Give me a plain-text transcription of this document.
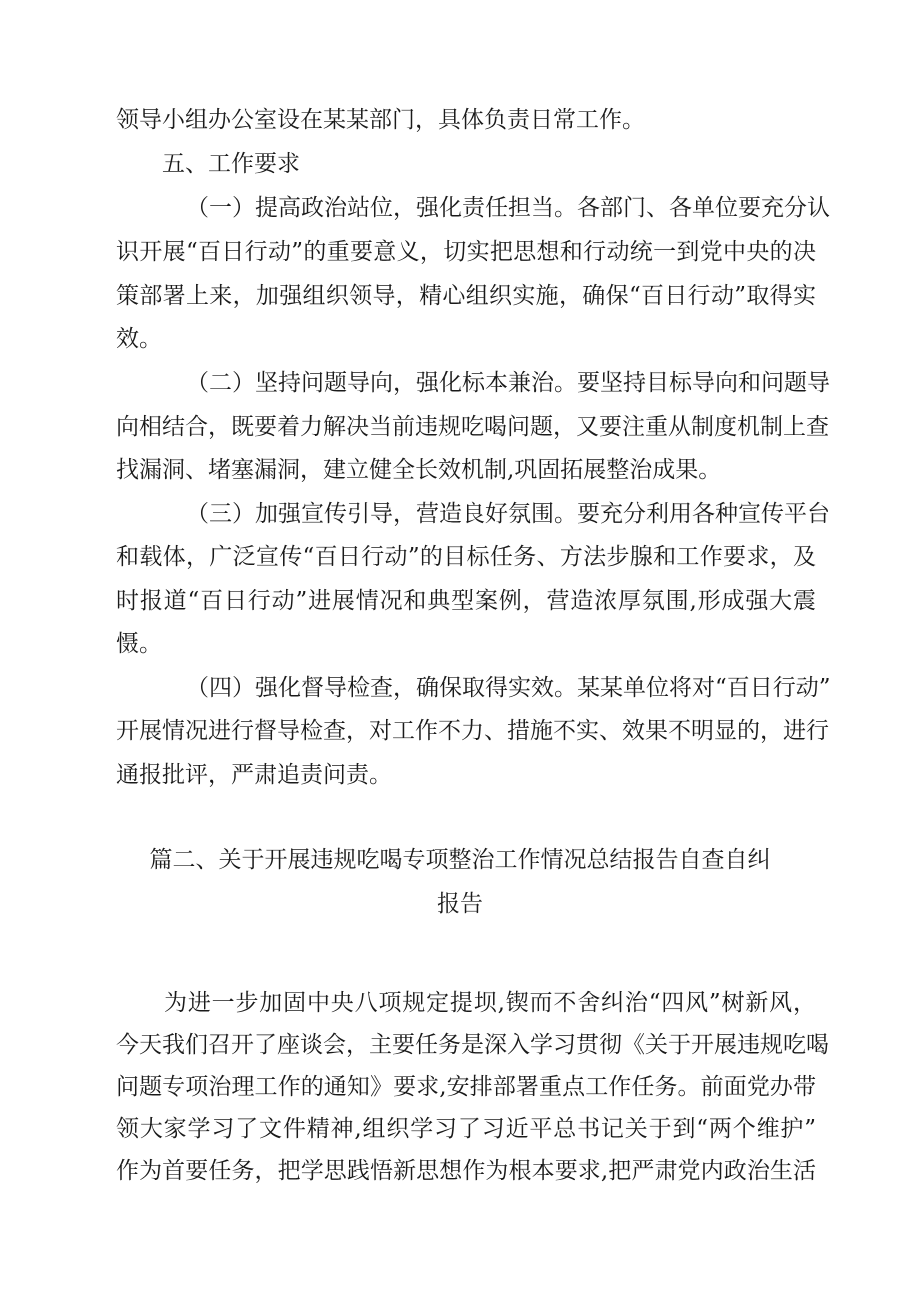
领导小组办公室设在某某部门，具体负责日常工作。
五、工作要求
（一）提高政治站位，强化责任担当。各部门、各单位要充分认
识开展“百日行动”的重要意义，切实把思想和行动统一到党中央的决
策部署上来，加强组织领导，精心组织实施，确保“百日行动”取得实
效。
（二）坚持问题导向，强化标本兼治。要坚持目标导向和问题导
向相结合，既要着力解决当前违规吃喝问题，又要注重从制度机制上查
找漏洞、堵塞漏洞，建立健全长效机制,巩固拓展整治成果。
（三）加强宣传引导，营造良好氛围。要充分利用各种宣传平台
和载体，广泛宣传“百日行动”的目标任务、方法步腺和工作要求，及
时报道“百日行动”进展情况和典型案例，营造浓厚氛围,形成强大震
慑。
（四）强化督导检查，确保取得实效。某某单位将对“百日行动”
开展情况进行督导检查，对工作不力、措施不实、效果不明显的，进行
通报批评，严肃追责问责。
篇二、关于开展违规吃喝专项整治工作情况总结报告自查自纠
报告
为进一步加固中央八项规定提坝,锲而不舍纠治“四风”树新风，
今天我们召开了座谈会，主要任务是深入学习贯彻《关于开展违规吃喝
问题专项治理工作的通知》要求,安排部署重点工作任务。前面党办带
领大家学习了文件精神,组织学习了习近平总书记关于到“两个维护”
作为首要任务，把学思践悟新思想作为根本要求,把严肃党内政治生活
